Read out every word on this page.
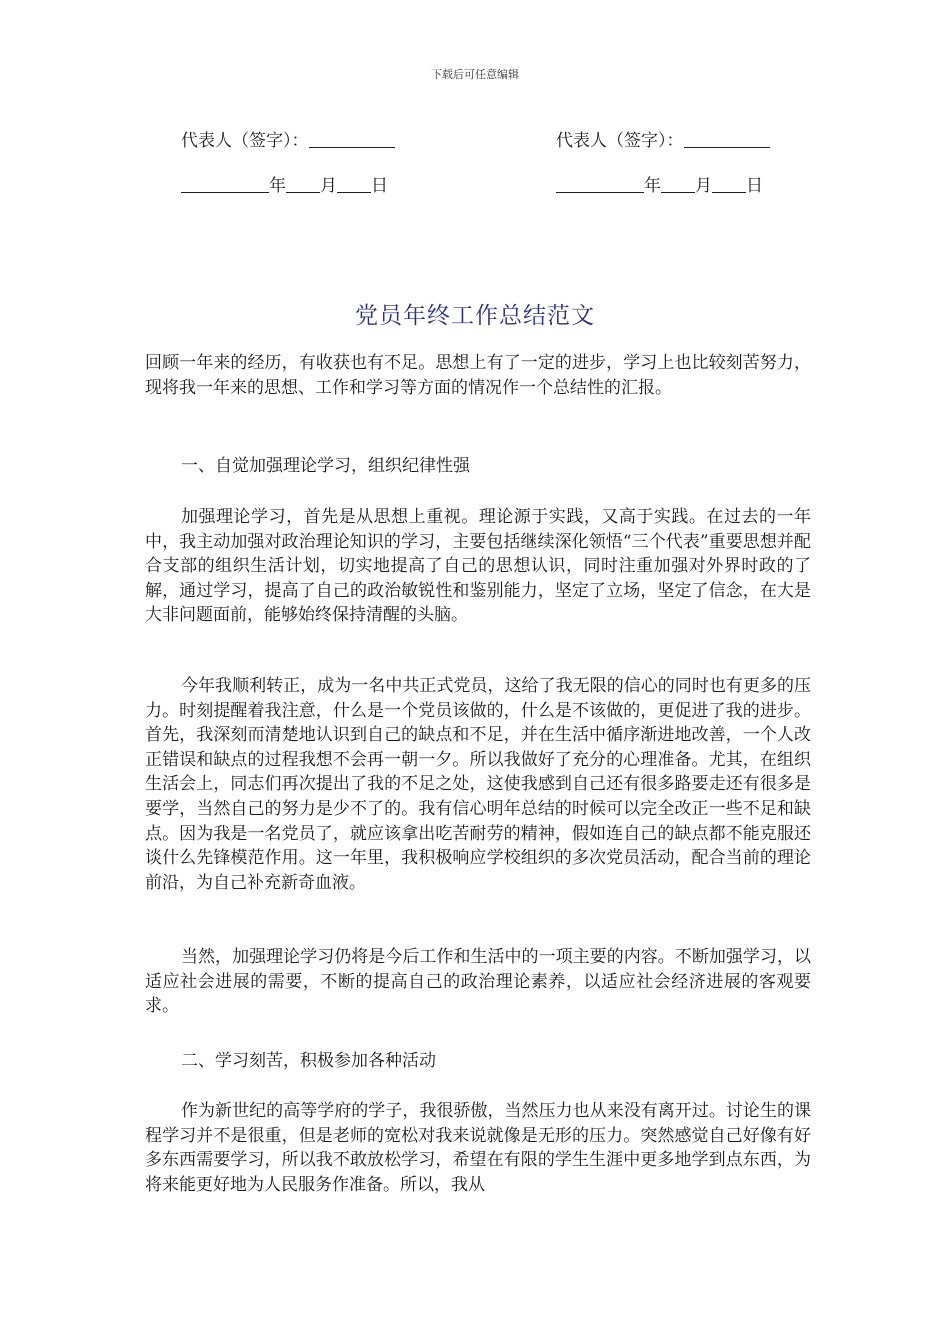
下载后可任意编辑
代表人（签字）：
年 月 日
代表人（签字）：
年 月 日
党员年终工作总结范文
回顾一年来的经历，有收获也有不足。思想上有了一定的进步，学习上也比较刻苦努力，现将我一年来的思想、工作和学习等方面的情况作一个总结性的汇报。
一、自觉加强理论学习，组织纪律性强
加强理论学习，首先是从思想上重视。理论源于实践，又高于实践。在过去的一年中，我主动加强对政治理论知识的学习，主要包括继续深化领悟“三个代表”重要思想并配合支部的组织生活计划，切实地提高了自己的思想认识，同时注重加强对外界时政的了解，通过学习，提高了自己的政治敏锐性和鉴别能力，坚定了立场，坚定了信念，在大是大非问题面前，能够始终保持清醒的头脑。
今年我顺利转正，成为一名中共正式党员，这给了我无限的信心的同时也有更多的压力。时刻提醒着我注意，什么是一个党员该做的，什么是不该做的，更促进了我的进步。首先，我深刻而清楚地认识到自己的缺点和不足，并在生活中循序渐进地改善，一个人改正错误和缺点的过程我想不会再一朝一夕。所以我做好了充分的心理准备。尤其，在组织生活会上，同志们再次提出了我的不足之处，这使我感到自己还有很多路要走还有很多是要学，当然自己的努力是少不了的。我有信心明年总结的时候可以完全改正一些不足和缺点。因为我是一名党员了，就应该拿出吃苦耐劳的精神，假如连自己的缺点都不能克服还谈什么先锋模范作用。这一年里，我积极响应学校组织的多次党员活动，配合当前的理论前沿，为自己补充新奇血液。
当然，加强理论学习仍将是今后工作和生活中的一项主要的内容。不断加强学习，以适应社会进展的需要，不断的提高自己的政治理论素养，以适应社会经济进展的客观要求。
二、学习刻苦，积极参加各种活动
作为新世纪的高等学府的学子，我很骄傲，当然压力也从来没有离开过。讨论生的课程学习并不是很重，但是老师的宽松对我来说就像是无形的压力。突然感觉自己好像有好多东西需要学习，所以我不敢放松学习，希望在有限的学生生涯中更多地学到点东西，为将来能更好地为人民服务作准备。所以，我从
